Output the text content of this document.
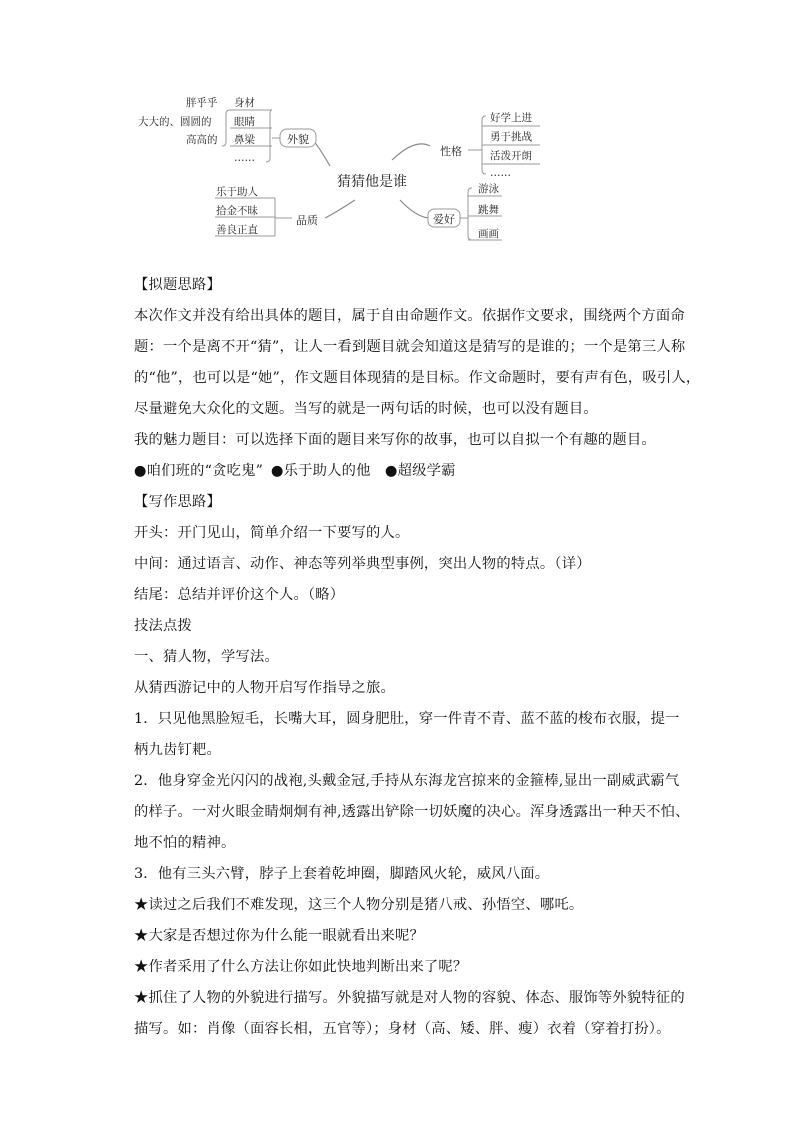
猜猜他是谁
外貌
身材
眼睛
鼻梁
……
胖乎乎
大大的、圆圆的
高高的
性格
好学上进
勇于挑战
活泼开朗
……
品质
乐于助人
拾金不昧
善良正直
爱好
游泳
跳舞
画画
【拟题思路】
本次作文并没有给出具体的题目，属于自由命题作文。依据作文要求，围绕两个方面命
题：一个是离不开“猜”，让人一看到题目就会知道这是猜写的是谁的；一个是第三人称
的“他”，也可以是“她”，作文题目体现猜的是目标。作文命题时，要有声有色，吸引人，
尽量避免大众化的文题。当写的就是一两句话的时候，也可以没有题目。
我的魅力题目：可以选择下面的题目来写你的故事，也可以自拟一个有趣的题目。
●咱们班的“贪吃鬼” ●乐于助人的他 ●超级学霸
【写作思路】
开头：开门见山，简单介绍一下要写的人。
中间：通过语言、动作、神态等列举典型事例，突出人物的特点。（详）
结尾：总结并评价这个人。（略）
技法点拨
一、猜人物，学写法。
从猜西游记中的人物开启写作指导之旅。
1．只见他黑脸短毛，长嘴大耳，圆身肥肚，穿一件青不青、蓝不蓝的梭布衣服，提一
柄九齿钉耙。
2．他身穿金光闪闪的战袍,头戴金冠,手持从东海龙宫掠来的金箍棒,显出一副威武霸气
的样子。一对火眼金睛炯炯有神,透露出铲除一切妖魔的决心。浑身透露出一种天不怕、
地不怕的精神。
3．他有三头六臂，脖子上套着乾坤圈，脚踏风火轮，威风八面。
★读过之后我们不难发现，这三个人物分别是猪八戒、孙悟空、哪吒。
★大家是否想过你为什么能一眼就看出来呢？
★作者采用了什么方法让你如此快地判断出来了呢？
★抓住了人物的外貌进行描写。外貌描写就是对人物的容貌、体态、服饰等外貌特征的
描写。如：肖像（面容长相，五官等）；身材（高、矮、胖、瘦）衣着（穿着打扮）。
